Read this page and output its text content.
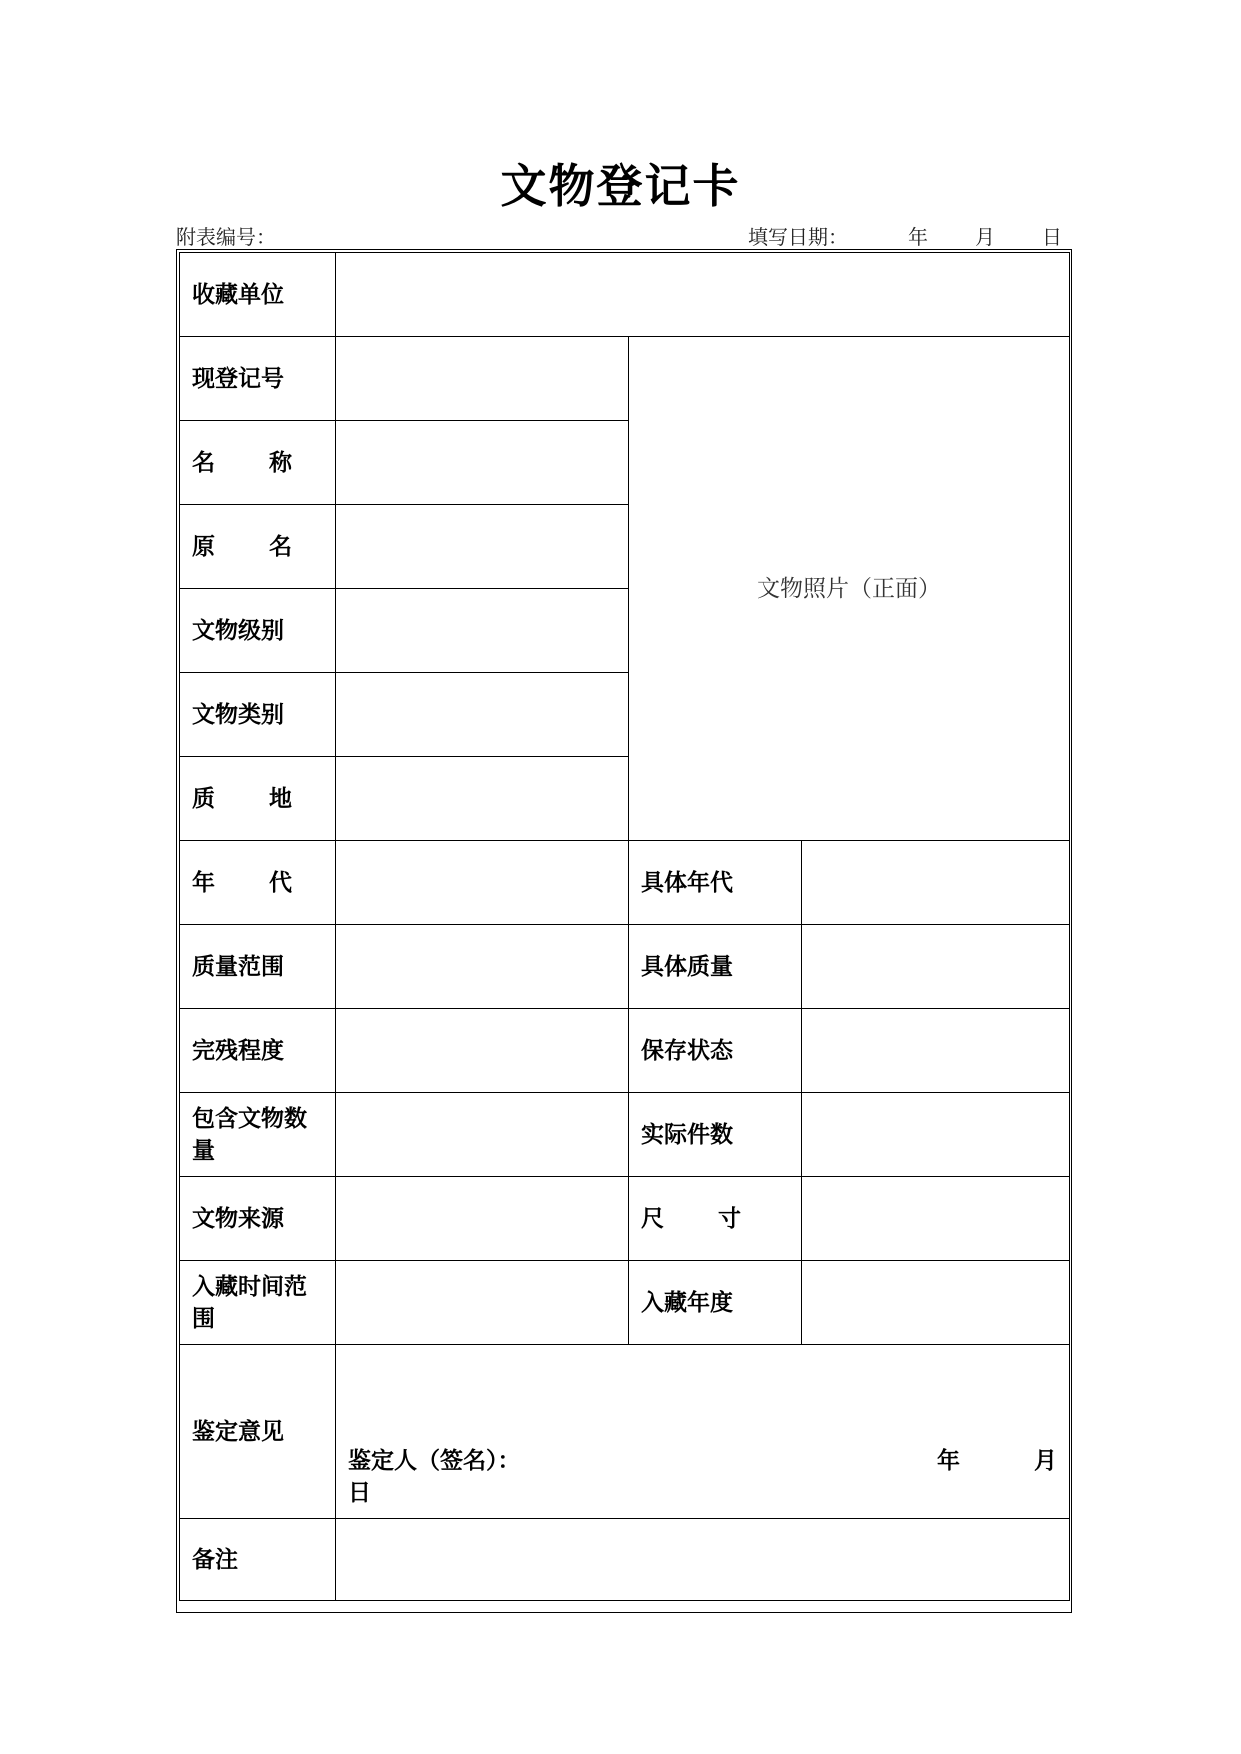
文物登记卡
附表编号：	填写日期：	年 月 日
收藏单位			
现登记号		文物照片（正面）	

名　称			

原　名			

文物级别			
文物类别			

质　地			

年　代		具体年代	
质量范围		具体质量	
完残程度		保存状态	
包含文物数量		实际件数	
文物来源		尺　寸	

入藏时间范围		入藏年度	
鉴定意见	鉴定人（签名）： 年 月
日		

备注			
